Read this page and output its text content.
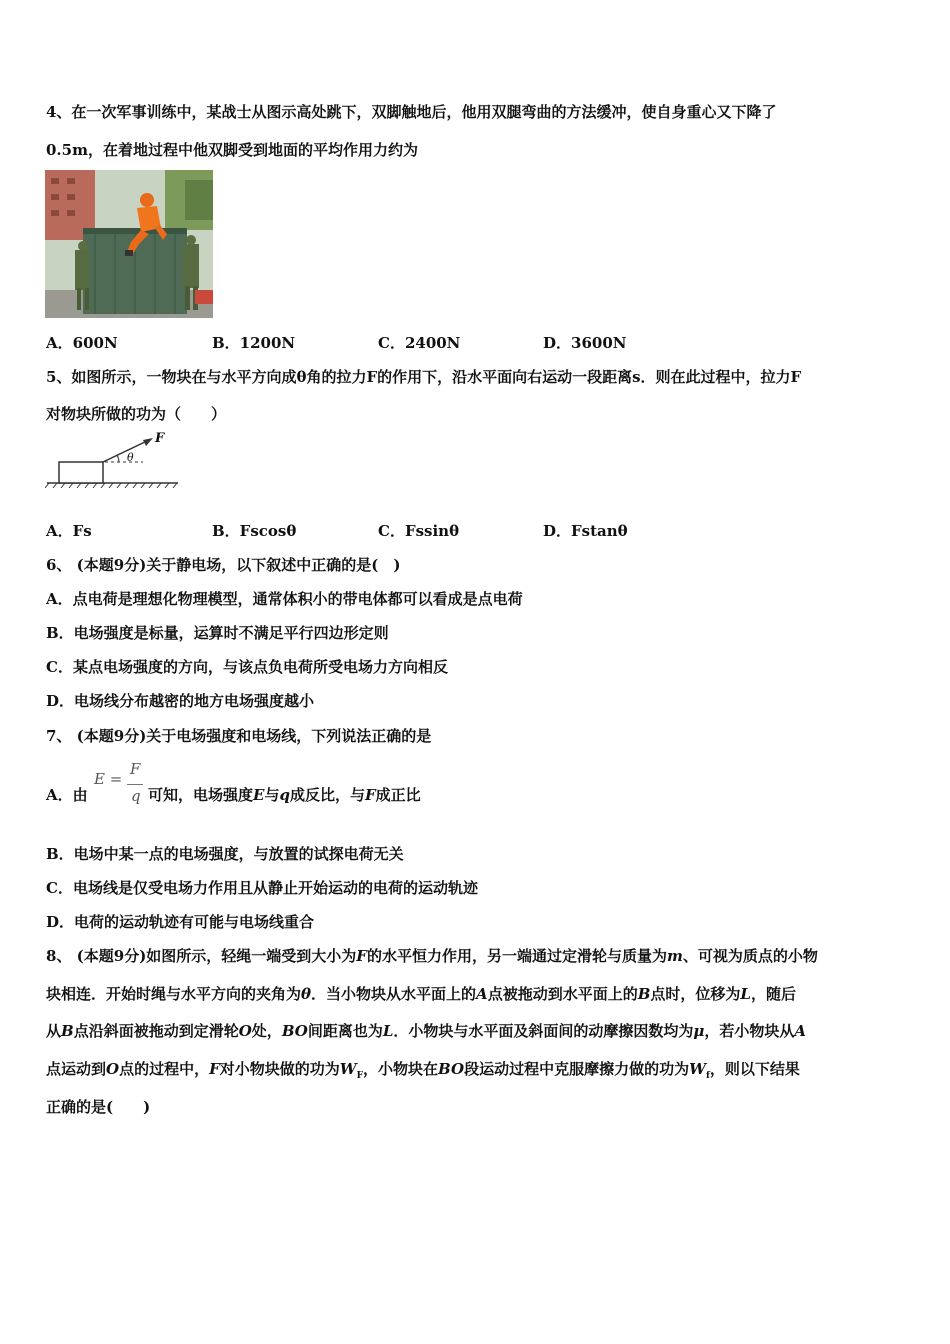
4、在一次军事训练中，某战士从图示高处跳下，双脚触地后，他用双腿弯曲的方法缓冲，使自身重心又下降了
0.5m，在着地过程中他双脚受到地面的平均作用力约为
A．600N	B．1200N	C．2400N	D．3600N
5、如图所示，一物块在与水平方向成θ角的拉力F的作用下，沿水平面向右运动一段距离s．则在此过程中，拉力F
对物块所做的功为（　　）
F
θ
A．Fs	B．Fscosθ	C．Fssinθ	D．Fstanθ
6、 (本题9分)关于静电场，以下叙述中正确的是(　)
A．点电荷是理想化物理模型，通常体积小的带电体都可以看成是点电荷
B．电场强度是标量，运算时不满足平行四边形定则
C．某点电场强度的方向，与该点负电荷所受电场力方向相反
D．电场线分布越密的地方电场强度越小
7、 (本题9分)关于电场强度和电场线，下列说法正确的是
A．由
E =
F
q 可知，电场强度E与q成反比，与F成正比
B．电场中某一点的电场强度，与放置的试探电荷无关
C．电场线是仅受电场力作用且从静止开始运动的电荷的运动轨迹
D．电荷的运动轨迹有可能与电场线重合
8、 (本题9分)如图所示，轻绳一端受到大小为F的水平恒力作用，另一端通过定滑轮与质量为m、可视为质点的小物
块相连．开始时绳与水平方向的夹角为θ．当小物块从水平面上的A点被拖动到水平面上的B点时，位移为L，随后
从B点沿斜面被拖动到定滑轮O处，BO间距离也为L．小物块与水平面及斜面间的动摩擦因数均为μ，若小物块从A
点运动到O点的过程中，F对小物块做的功为$W_F$，小物块在BO段运动过程中克服摩擦力做的功为$W_f$，则以下结果
正确的是(　　)
